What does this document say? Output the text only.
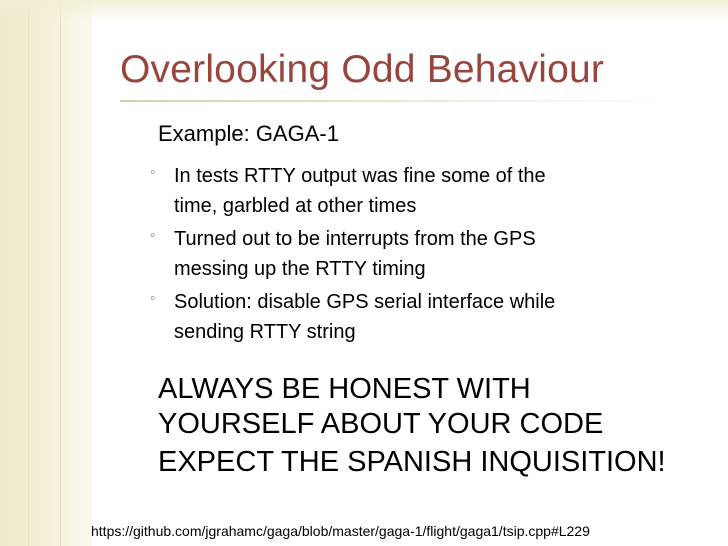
Overlooking Odd Behaviour
Example: GAGA-1
◦ In tests RTTY output was fine some of the
time, garbled at other times
◦ Turned out to be interrupts from the GPS
messing up the RTTY timing
◦ Solution: disable GPS serial interface while
sending RTTY string
ALWAYS BE HONEST WITH
YOURSELF ABOUT YOUR CODE
EXPECT THE SPANISH INQUISITION!
https://github.com/jgrahamc/gaga/blob/master/gaga-1/flight/gaga1/tsip.cpp#L229
